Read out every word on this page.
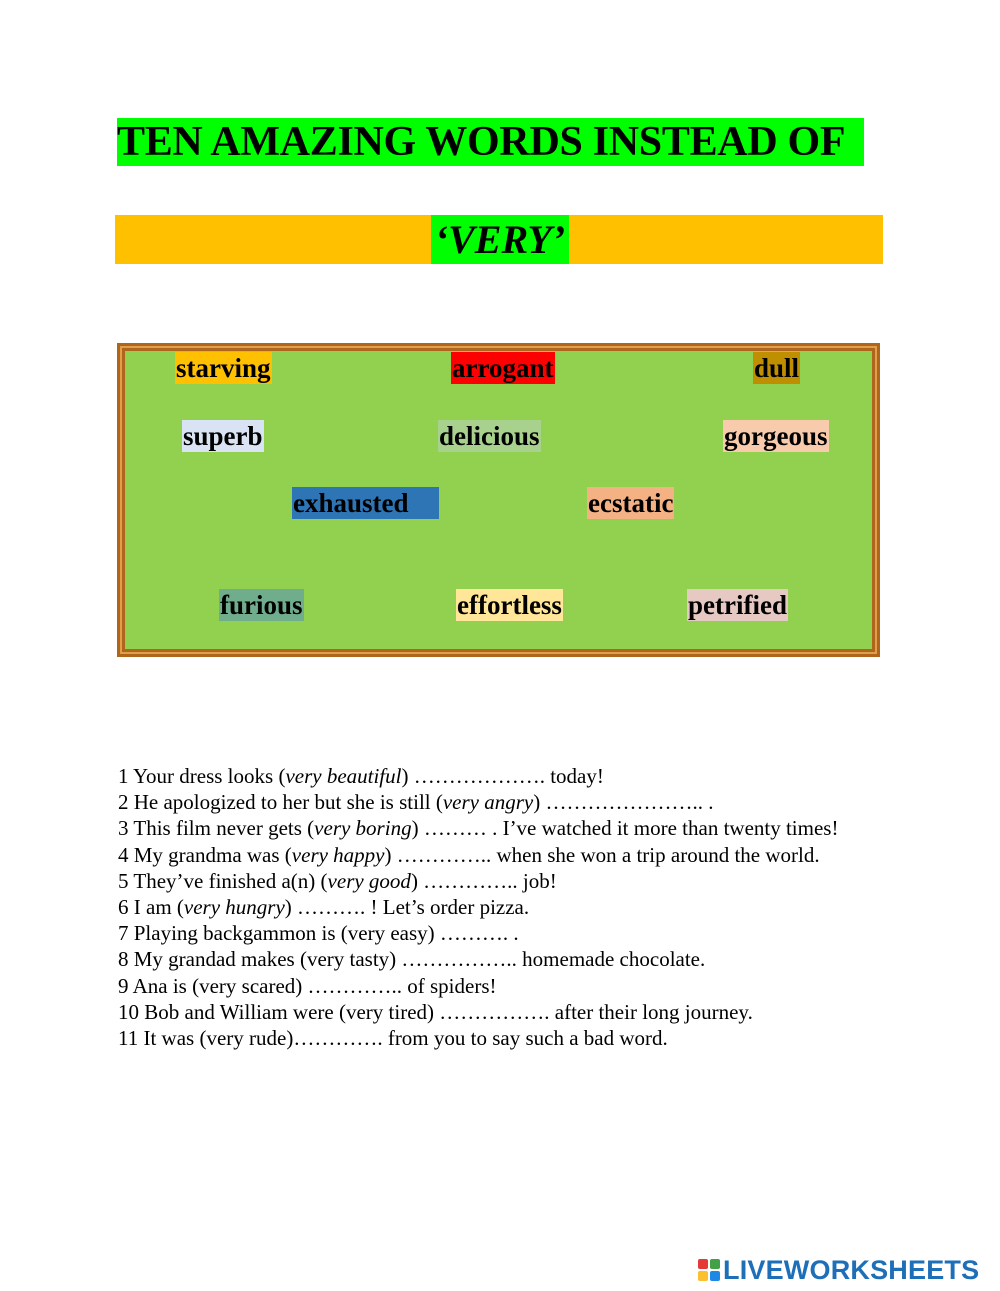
TEN AMAZING WORDS INSTEAD OF
‘VERY’
starving	arrogant	dull
superb	delicious	gorgeous
exhausted	ecstatic
furious	effortless	petrified
1 Your dress looks (very beautiful) ………………. today!
2 He apologized to her but she is still (very angry) ………………….. .
3 This film never gets (very boring) ……… . I’ve watched it more than twenty times!
4 My grandma was (very happy) ………….. when she won a trip around the world.
5 They’ve finished a(n) (very good) ………….. job!
6 I am (very hungry) ………. ! Let’s order pizza.
7 Playing backgammon is (very easy) ………. .
8 My grandad makes (very tasty) …………….. homemade chocolate.
9 Ana is (very scared) ………….. of spiders!
10 Bob and William were (very tired) ……………. after their long journey.
11 It was (very rude)…………. from you to say such a bad word.
LIVEWORKSHEETS
